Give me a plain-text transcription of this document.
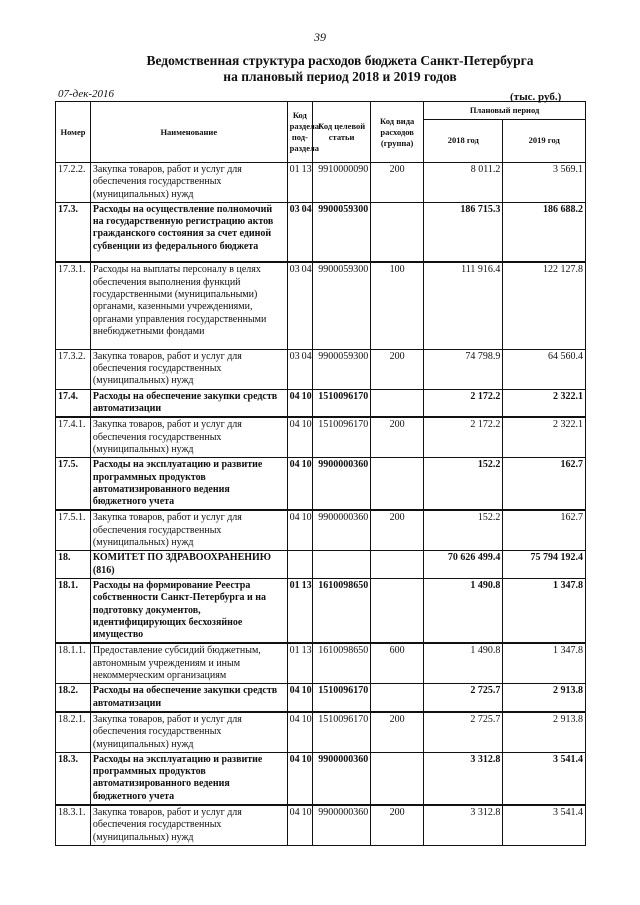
39
Ведомственная структура расходов бюджета Санкт-Петербурга
на плановый период 2018 и 2019 годов
07-дек-2016	(тыс. руб.)
Номер	Наименование	Код раздела/ под-раздела	Код целевой статьи	Код вида расходов (группа)	Плановый период	
					2018 год	2019 год
17.2.2.	Закупка товаров, работ и услуг для обеспечения государственных (муниципальных) нужд	01 13	9910000090	200	8 011.2	3 569.1
17.3.	Расходы на осуществление полномочий на государственную регистрацию актов гражданского состояния за счет единой субвенции из федерального бюджета	03 04	9900059300		186 715.3	186 688.2
17.3.1.	Расходы на выплаты персоналу в целях обеспечения выполнения функций государственными (муниципальными) органами, казенными учреждениями, органами управления государственными внебюджетными фондами	03 04	9900059300	100	111 916.4	122 127.8
17.3.2.	Закупка товаров, работ и услуг для обеспечения государственных (муниципальных) нужд	03 04	9900059300	200	74 798.9	64 560.4
17.4.	Расходы на обеспечение закупки средств автоматизации	04 10	1510096170		2 172.2	2 322.1
17.4.1.	Закупка товаров, работ и услуг для обеспечения государственных (муниципальных) нужд	04 10	1510096170	200	2 172.2	2 322.1
17.5.	Расходы на эксплуатацию и развитие программных продуктов автоматизированного ведения бюджетного учета	04 10	9900000360		152.2	162.7
17.5.1.	Закупка товаров, работ и услуг для обеспечения государственных (муниципальных) нужд	04 10	9900000360	200	152.2	162.7
18.	КОМИТЕТ ПО ЗДРАВООХРАНЕНИЮ (816)				70 626 499.4	75 794 192.4
18.1.	Расходы на формирование Реестра собственности Санкт-Петербурга и на подготовку документов, идентифицирующих бесхозяйное имущество	01 13	1610098650		1 490.8	1 347.8
18.1.1.	Предоставление субсидий бюджетным, автономным учреждениям и иным некоммерческим организациям	01 13	1610098650	600	1 490.8	1 347.8
18.2.	Расходы на обеспечение закупки средств автоматизации	04 10	1510096170		2 725.7	2 913.8
18.2.1.	Закупка товаров, работ и услуг для обеспечения государственных (муниципальных) нужд	04 10	1510096170	200	2 725.7	2 913.8
18.3.	Расходы на эксплуатацию и развитие программных продуктов автоматизированного ведения бюджетного учета	04 10	9900000360		3 312.8	3 541.4
18.3.1.	Закупка товаров, работ и услуг для обеспечения государственных (муниципальных) нужд	04 10	9900000360	200	3 312.8	3 541.4
